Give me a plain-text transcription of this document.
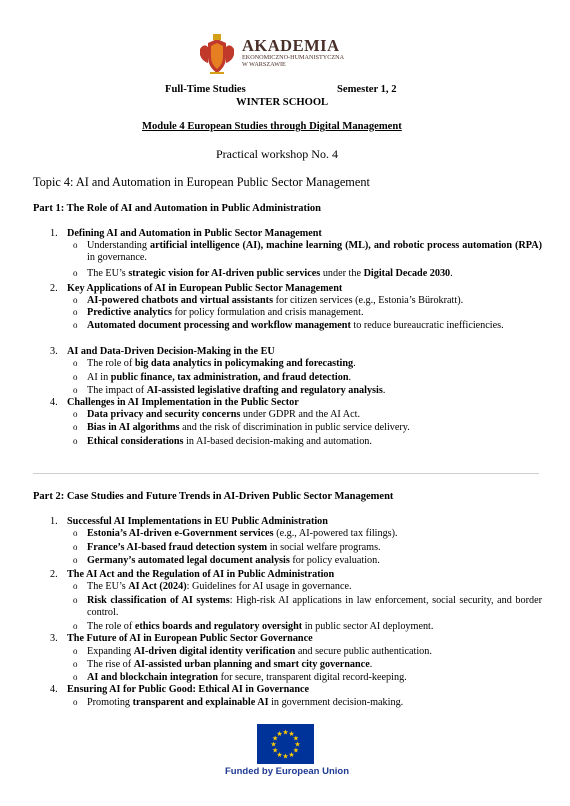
AKADEMIA
EKONOMICZNO-HUMANISTYCZNA
W WARSZAWIE
Full-Time Studies	Semester 1, 2
WINTER SCHOOL
Module 4 European Studies through Digital Management
Practical workshop No. 4
Topic 4: AI and Automation in European Public Sector Management
Part 1: The Role of AI and Automation in Public Administration
1. Defining AI and Automation in Public Sector Management
o Understanding artificial intelligence (AI), machine learning (ML), and robotic process automation (RPA) in governance.
o The EU’s strategic vision for AI-driven public services under the Digital Decade 2030.
2. Key Applications of AI in European Public Sector Management
o AI-powered chatbots and virtual assistants for citizen services (e.g., Estonia’s Bürokratt).
o Predictive analytics for policy formulation and crisis management.
o Automated document processing and workflow management to reduce bureaucratic inefficiencies.
3. AI and Data-Driven Decision-Making in the EU
o The role of big data analytics in policymaking and forecasting.
o AI in public finance, tax administration, and fraud detection.
o The impact of AI-assisted legislative drafting and regulatory analysis.
4. Challenges in AI Implementation in the Public Sector
o Data privacy and security concerns under GDPR and the AI Act.
o Bias in AI algorithms and the risk of discrimination in public service delivery.
o Ethical considerations in AI-based decision-making and automation.
Part 2: Case Studies and Future Trends in AI-Driven Public Sector Management
1. Successful AI Implementations in EU Public Administration
o Estonia’s AI-driven e-Government services (e.g., AI-powered tax filings).
o France’s AI-based fraud detection system in social welfare programs.
o Germany’s automated legal document analysis for policy evaluation.
2. The AI Act and the Regulation of AI in Public Administration
o The EU’s AI Act (2024): Guidelines for AI usage in governance.
o Risk classification of AI systems: High-risk AI applications in law enforcement, social security, and border control.
o The role of ethics boards and regulatory oversight in public sector AI deployment.
3. The Future of AI in European Public Sector Governance
o Expanding AI-driven digital identity verification and secure public authentication.
o The rise of AI-assisted urban planning and smart city governance.
o AI and blockchain integration for secure, transparent digital record-keeping.
4. Ensuring AI for Public Good: Ethical AI in Governance
o Promoting transparent and explainable AI in government decision-making.
★
★
★
★
★
★
★
★
★ ★ ★
★
Funded by European Union
